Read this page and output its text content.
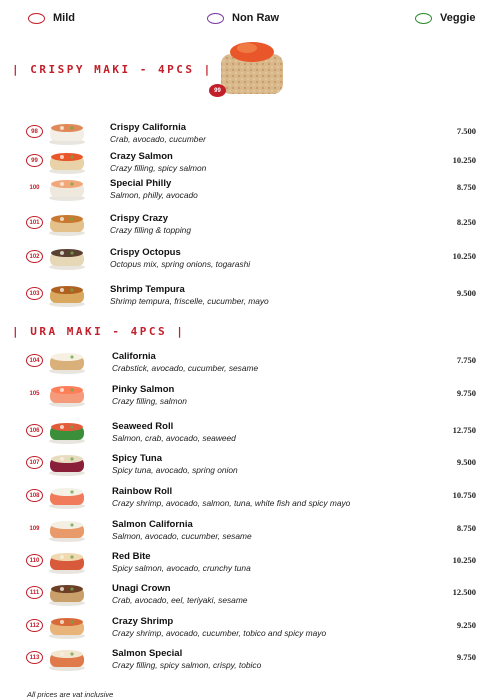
Mild	Non Raw	Veggie
| CRISPY MAKI - 4PCS |
99
98	Crispy California
Crab, avocado, cucumber
7.500
99	Crazy Salmon
Crazy filling, spicy salmon
10.250
100	Special Philly
Salmon, philly, avocado
8.750
101	Crispy Crazy
Crazy filling & topping
8.250
102	Crispy Octopus
Octopus mix, spring onions, togarashi
10.250
103	Shrimp Tempura
Shrimp tempura, friscelle, cucumber, mayo
9.500
| URA MAKI - 4PCS |
104	California
Crabstick, avocado, cucumber, sesame
7.750
105	Pinky Salmon
Crazy filling, salmon
9.750
106	Seaweed Roll
Salmon, crab, avocado, seaweed
12.750
107	Spicy Tuna
Spicy tuna, avocado, spring onion
9.500
108	Rainbow Roll
Crazy shrimp, avocado, salmon, tuna, white fish and spicy mayo
10.750
109	Salmon California
Salmon, avocado, cucumber, sesame
8.750
110	Red Bite
Spicy salmon, avocado, crunchy tuna
10.250
111	Unagi Crown
Crab, avocado, eel, teriyaki, sesame
12.500
112	Crazy Shrimp
Crazy shrimp, avocado, cucumber, tobico and spicy mayo
9.250
113	Salmon Special
Crazy filling, spicy salmon, crispy, tobico
9.750
All prices are vat inclusive
